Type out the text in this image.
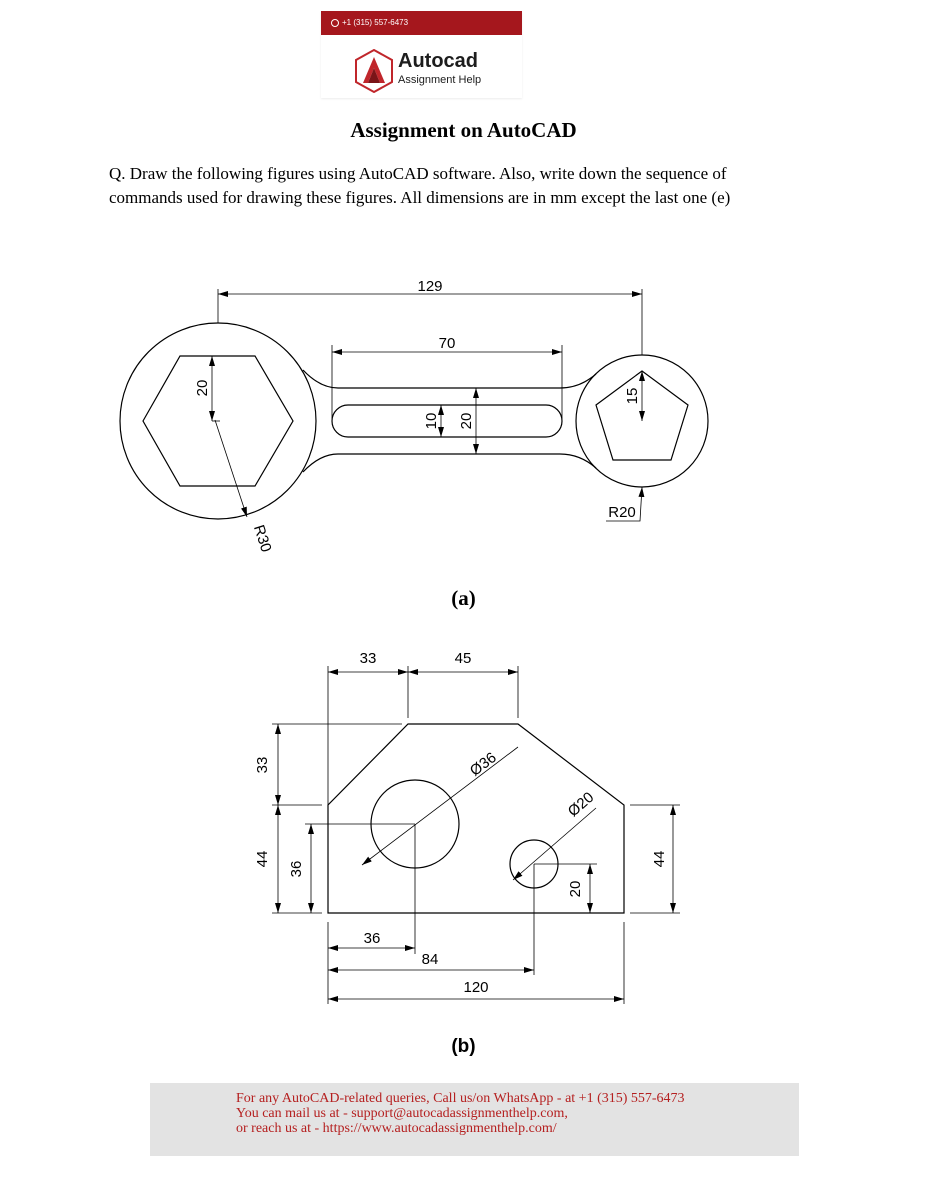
+1 (315) 557-6473
Autocad
Assignment Help
Assignment on AutoCAD

Q. Draw the following figures using AutoCAD software. Also, write down the sequence of

commands used for drawing these figures. All dimensions are in mm except the last one (e)

129
70
20
10 20
15
R30
R20
33	45
33
44
36
Ø36
Ø20
20
44
36
84
120
(a)
(b)

For any AutoCAD-related queries, Call us/on WhatsApp - at +1 (315) 557-6473

You can mail us at - support@autocadassignmenthelp.com,

or reach us at - https://www.autocadassignmenthelp.com/
